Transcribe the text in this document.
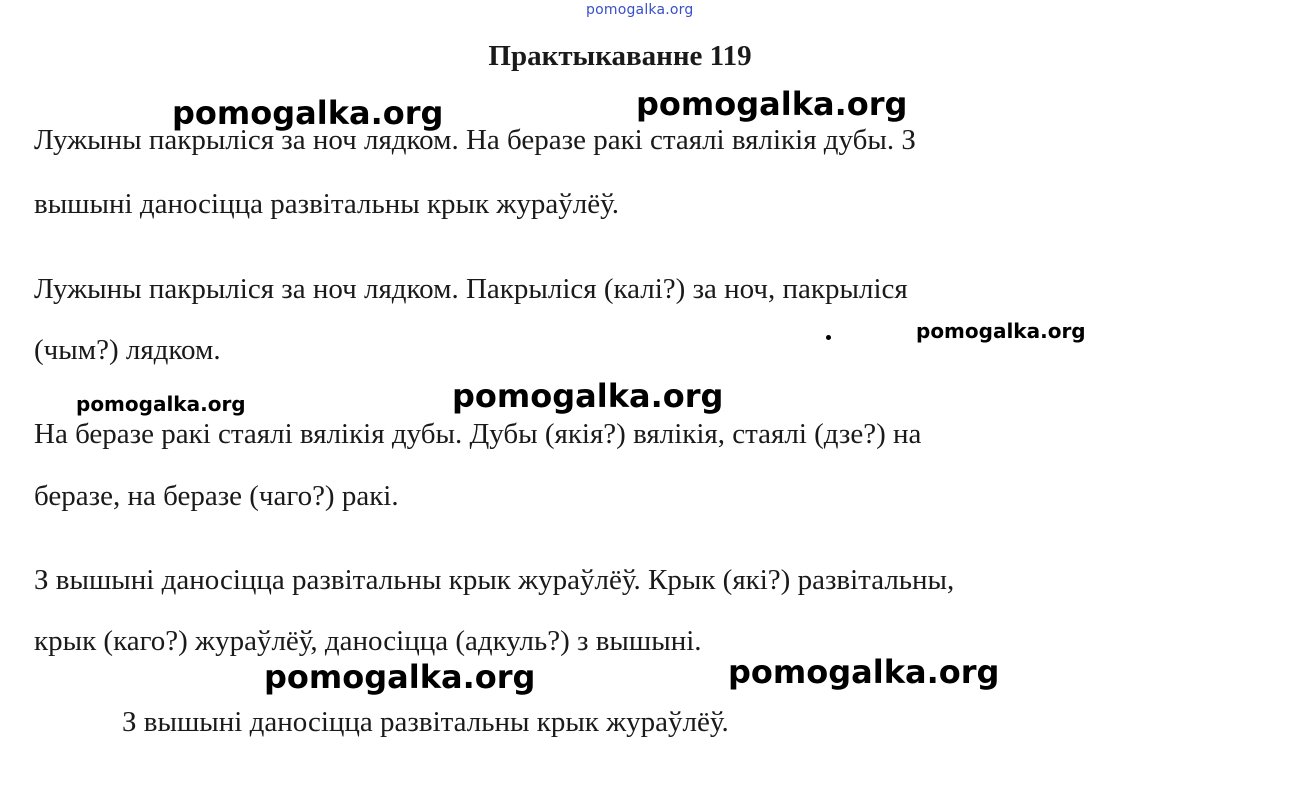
pomogalka.org
Практыкаванне 119

Лужыны пакрыліся за ноч лядком. На беразе ракі стаялі вялікія дубы. З

вышыні даносіцца развітальны крык жураўлёў.

Лужыны пакрыліся за ноч лядком. Пакрыліся (калі?) за ноч, пакрыліся

(чым?) лядком.

На беразе ракі стаялі вялікія дубы. Дубы (якія?) вялікія, стаялі (дзе?) на

беразе, на беразе (чаго?) ракі.

З вышыні даносіцца развітальны крык жураўлёў. Крык (які?) развітальны,

крык (каго?) жураўлёў, даносіцца (адкуль?) з вышыні.

З вышыні даносіцца развітальны крык жураўлёў.

pomogalka.org	pomogalka.org
pomogalka.org
pomogalka.org	pomogalka.org
pomogalka.org	pomogalka.org
